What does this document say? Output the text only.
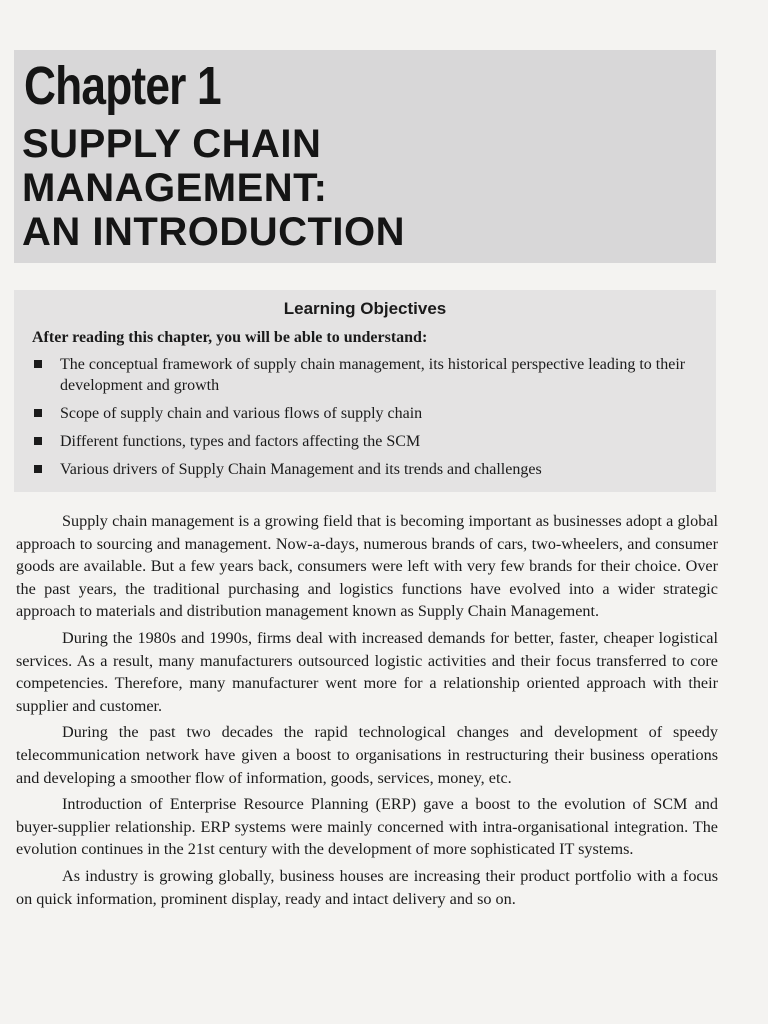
Chapter 1
SUPPLY CHAIN
MANAGEMENT:
AN INTRODUCTION
Learning Objectives
After reading this chapter, you will be able to understand:
The conceptual framework of supply chain management, its historical perspective leading to their development and growth
Scope of supply chain and various flows of supply chain
Different functions, types and factors affecting the SCM
Various drivers of Supply Chain Management and its trends and challenges

Supply chain management is a growing field that is becoming important as businesses adopt a global approach to sourcing and management. Now-a-days, numerous brands of cars, two-wheelers, and consumer goods are available. But a few years back, consumers were left with very few brands for their choice. Over the past years, the traditional purchasing and logistics functions have evolved into a wider strategic approach to materials and distribution management known as Supply Chain Management.

During the 1980s and 1990s, firms deal with increased demands for better, faster, cheaper logistical services. As a result, many manufacturers outsourced logistic activities and their focus transferred to core competencies. Therefore, many manufacturer went more for a relationship oriented approach with their supplier and customer.

During the past two decades the rapid technological changes and development of speedy telecommunication network have given a boost to organisations in restructuring their business operations and developing a smoother flow of information, goods, services, money, etc.

Introduction of Enterprise Resource Planning (ERP) gave a boost to the evolution of SCM and buyer-supplier relationship. ERP systems were mainly concerned with intra-organisational integration. The evolution continues in the 21st century with the development of more sophisticated IT systems.

As industry is growing globally, business houses are increasing their product portfolio with a focus on quick information, prominent display, ready and intact delivery and so on.
